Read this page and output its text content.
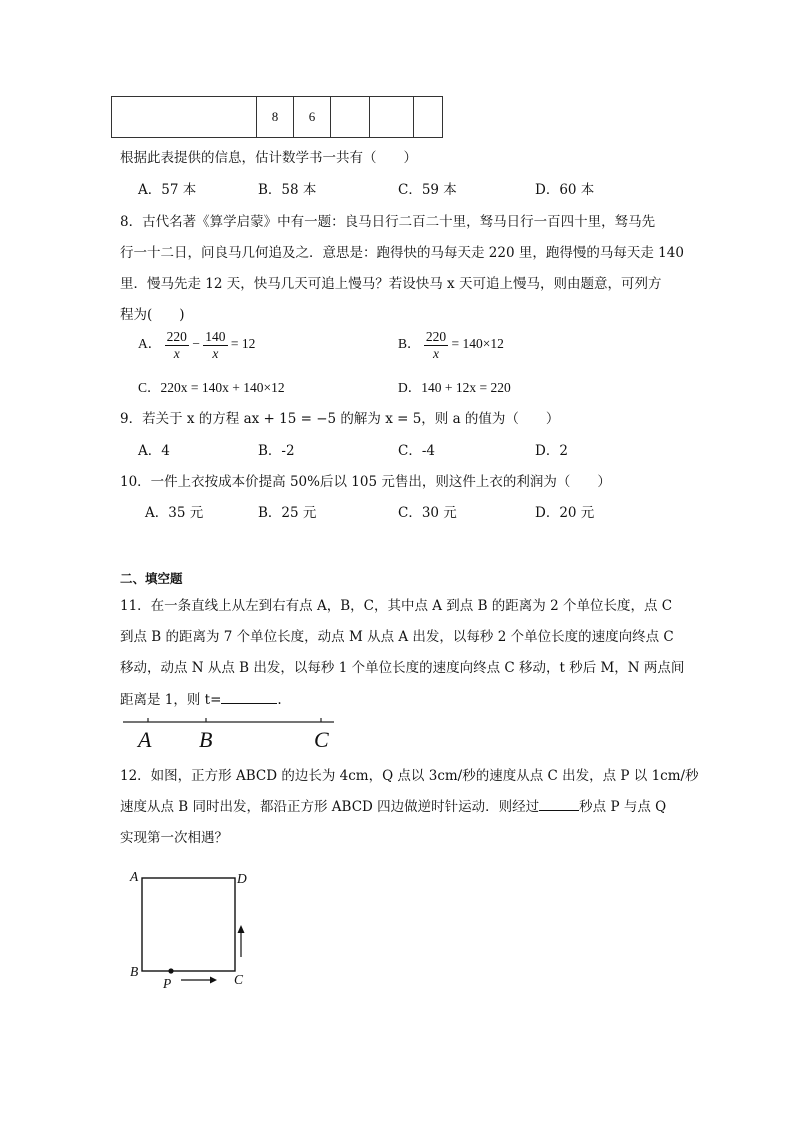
	8	6			
根据此表提供的信息，估计数学书一共有（　　）
A．57 本	B．58 本	C．59 本	D．60 本
8．古代名著《算学启蒙》中有一题：良马日行二百二十里，驽马日行一百四十里，驽马先
行一十二日，问良马几何追及之．意思是：跑得快的马每天走 220 里，跑得慢的马每天走 140
里．慢马先走 12 天，快马几天可追上慢马？若设快马 x 天可追上慢马，则由题意，可列方
程为(　　)
A． $\frac{220}{x} - \frac{140}{x} = 12$	B． $\frac{220}{x} = 140\times 12$
C．220x = 140x + 140×12	D．140 + 12x = 220
9．若关于 x 的方程 ax + 15 = −5 的解为 x = 5，则 a 的值为（　　）
A．4	B．-2	C．-4	D．2
10．一件上衣按成本价提高 50%后以 105 元售出，则这件上衣的利润为（　　）
A．35 元	B．25 元	C．30 元	D．20 元
二、填空题
11．在一条直线上从左到右有点 A，B，C，其中点 A 到点 B 的距离为 2 个单位长度，点 C
到点 B 的距离为 7 个单位长度，动点 M 从点 A 出发，以每秒 2 个单位长度的速度向终点 C
移动，动点 N 从点 B 出发，以每秒 1 个单位长度的速度向终点 C 移动，t 秒后 M，N 两点间
距离是 1，则 t=	.
A B	C
12．如图，正方形 ABCD 的边长为 4cm，Q 点以 3cm/秒的速度从点 C 出发，点 P 以 1cm/秒
速度从点 B 同时出发，都沿正方形 ABCD 四边做逆时针运动．则经过	秒点 P 与点 Q
实现第一次相遇？
A	D
B
C
P
